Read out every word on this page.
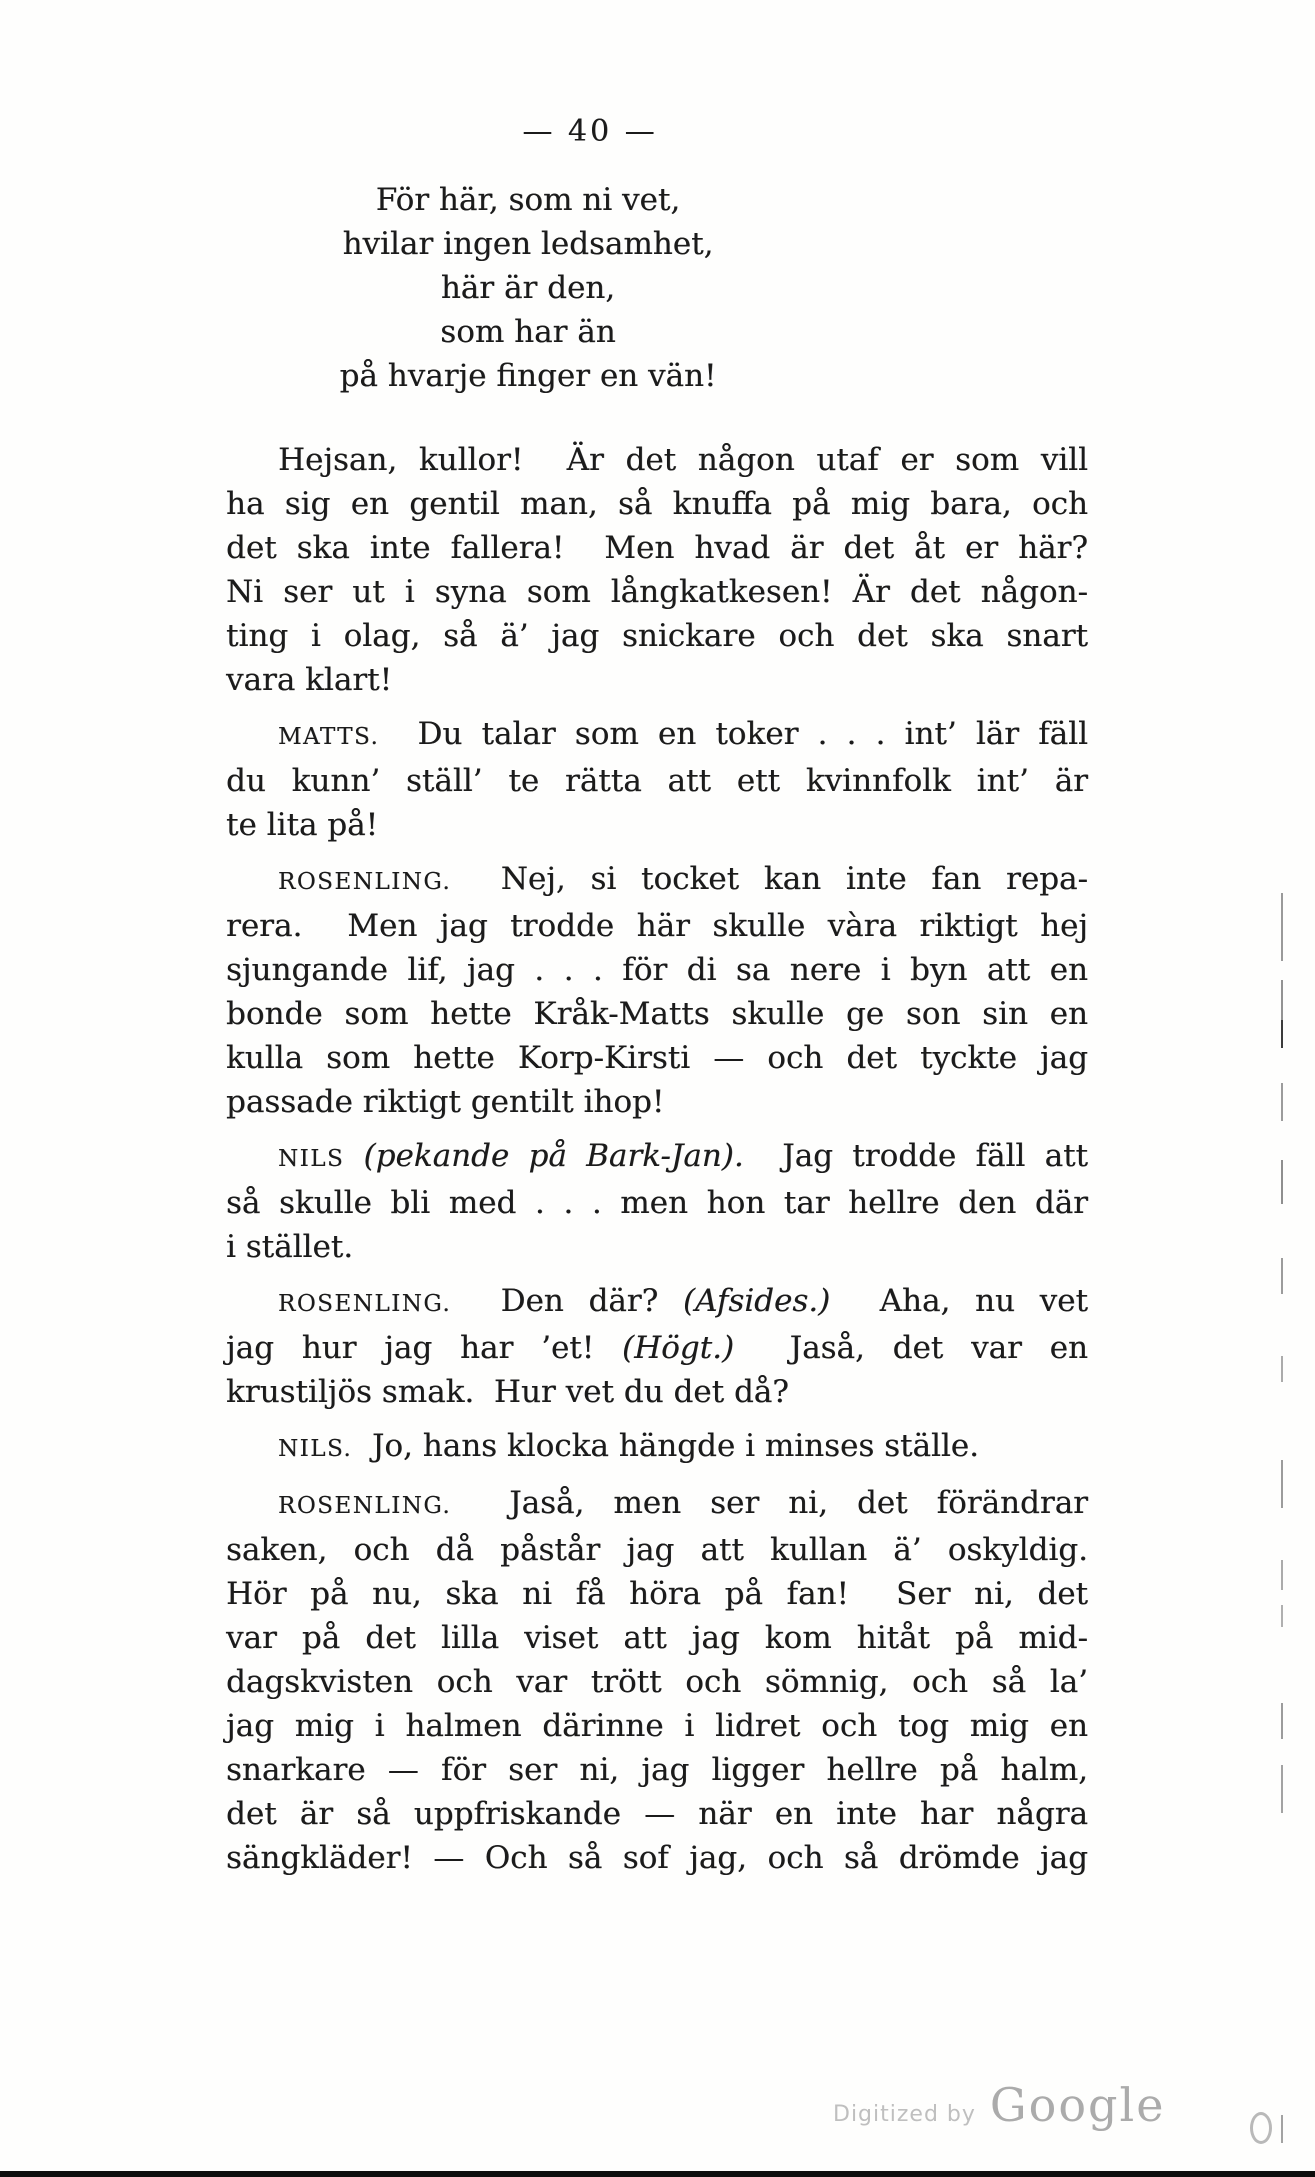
— 40 —
För här, som ni vet,
hvilar ingen ledsamhet,
här är den,
som har än
på hvarje finger en vän!
Hejsan, kullor!  Är det någon utaf er som vill
ha sig en gentil man, så knuffa på mig bara, och
det ska inte fallera!  Men hvad är det åt er här?
Ni ser ut i syna som långkatkesen! Är det någon-
ting i olag, så ä’ jag snickare och det ska snart
vara klart!
MATTS.  Du talar som en toker . . . int’ lär fäll
du kunn’ ställ’ te rätta att ett kvinnfolk int’ är
te lita på!
ROSENLING.  Nej, si tocket kan inte fan repa-
rera.  Men jag trodde här skulle vàra riktigt hej
sjungande lif, jag . . . för di sa nere i byn att en
bonde som hette Kråk-Matts skulle ge son sin en
kulla som hette Korp-Kirsti — och det tyckte jag
passade riktigt gentilt ihop!
NILS (pekande på Bark-Jan).  Jag trodde fäll att
så skulle bli med . . . men hon tar hellre den där
i stället.
ROSENLING.  Den där? (Afsides.)  Aha, nu vet
jag hur jag har ’et! (Högt.)  Jaså, det var en
krustiljös smak.  Hur vet du det då?
NILS.  Jo, hans klocka hängde i minses ställe.
ROSENLING.  Jaså, men ser ni, det förändrar
saken, och då påstår jag att kullan ä’ oskyldig.
Hör på nu, ska ni få höra på fan!  Ser ni, det
var på det lilla viset att jag kom hitåt på mid-
dagskvisten och var trött och sömnig, och så la’
jag mig i halmen därinne i lidret och tog mig en
snarkare — för ser ni, jag ligger hellre på halm,
det är så uppfriskande — när en inte har några
sängkläder! — Och så sof jag, och så drömde jag
Digitized by Google
